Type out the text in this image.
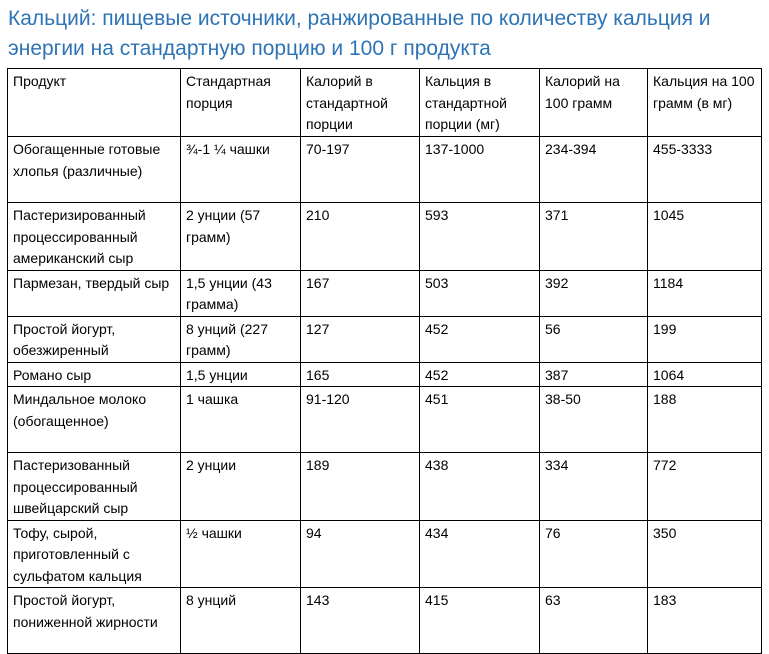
Кальций: пищевые источники, ранжированные по количеству кальция и энергии на стандартную порцию и 100 г продукта
Продукт	Стандартная порция	Калорий в стандартной порции	Кальция в стандартной порции (мг)	Калорий на 100 грамм	Кальция на 100 грамм (в мг)

Обогащенные готовые хлопья (различные)	¾-1 ¼ чашки	70-197	137-1000	234-394	455-3333
Пастеризированный процессированный американский сыр	2 унции (57 грамм)	210	593	371	1045
Пармезан, твердый сыр	1,5 унции (43 грамма)	167	503	392	1184
Простой йогурт, обезжиренный	8 унций (227 грамм)	127	452	56	199
Романо сыр	1,5 унции	165	452	387	1064
Миндальное молоко (обогащенное)	1 чашка	91-120	451	38-50	188
Пастеризованный процессированный швейцарский сыр	2 унции	189	438	334	772
Тофу, сырой, приготовленный с сульфатом кальция	½ чашки	94	434	76	350
Простой йогурт, пониженной жирности	8 унций	143	415	63	183
